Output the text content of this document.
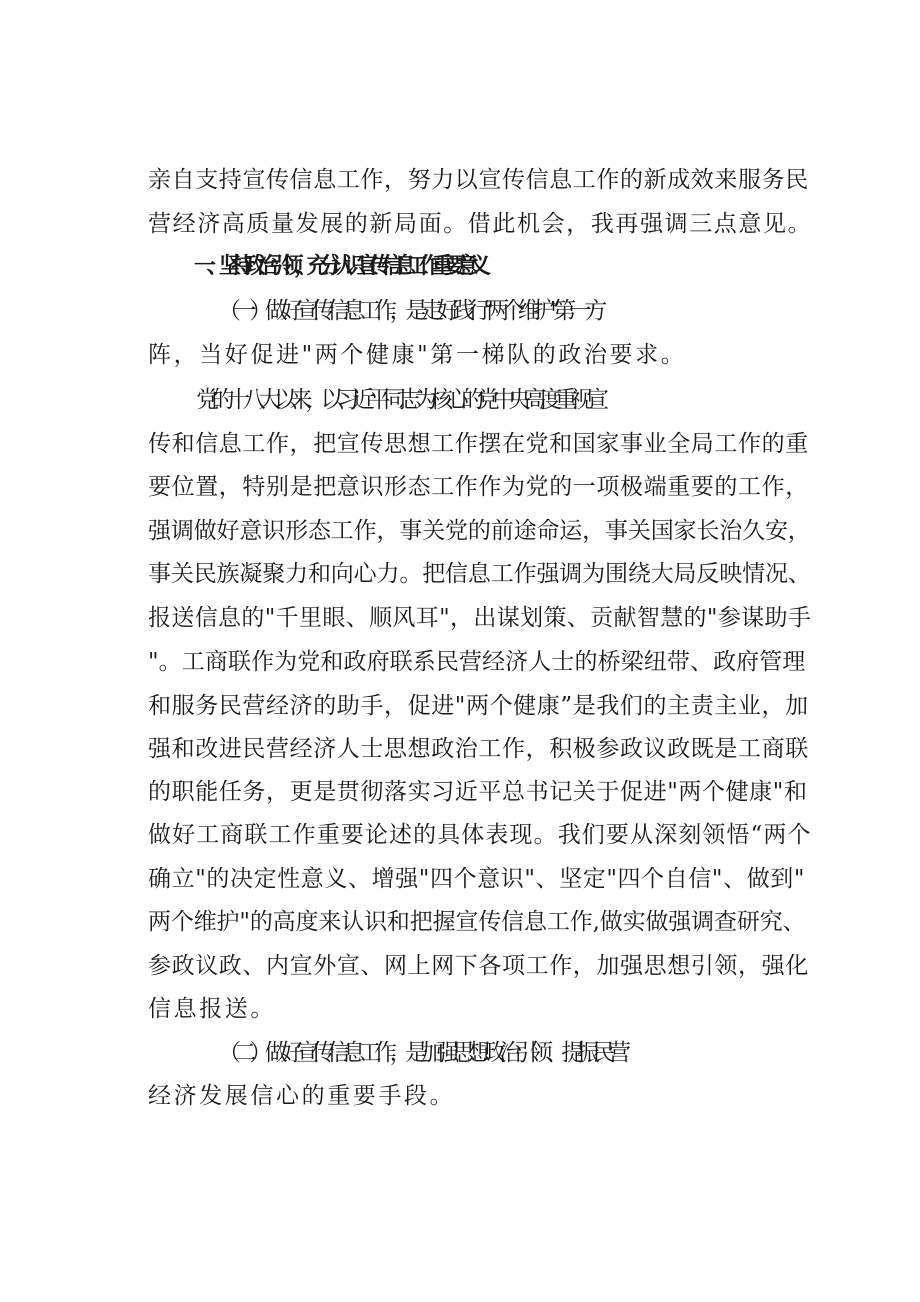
亲自支持宣传信息工作，努力以宣传信息工作的新成效来服务民
营经济高质量发展的新局面。借此机会，我再强调三点意见。
一、坚持政治引领，充分认识宣传信息工作重要意义
（一）做好宣传信息工作，是走好践行"两个维护”第一方
阵，当好促进"两个健康"第一梯队的政治要求。
党的十八大以来，以习近平同志为核心的党中央高度重视宣
传和信息工作，把宣传思想工作摆在党和国家事业全局工作的重
要位置，特别是把意识形态工作作为党的一项极端重要的工作，
强调做好意识形态工作，事关党的前途命运，事关国家长治久安，
事关民族凝聚力和向心力。把信息工作强调为围绕大局反映情况、
报送信息的"千里眼、顺风耳"，出谋划策、贡献智慧的"参谋助手
"。工商联作为党和政府联系民营经济人士的桥梁纽带、政府管理
和服务民营经济的助手，促进"两个健康”是我们的主责主业，加
强和改进民营经济人士思想政治工作，积极参政议政既是工商联
的职能任务，更是贯彻落实习近平总书记关于促进"两个健康"和
做好工商联工作重要论述的具体表现。我们要从深刻领悟“两个
确立"的决定性意义、增强"四个意识"、坚定"四个自信"、做到"
两个维护"的高度来认识和把握宣传信息工作,做实做强调查研究、
参政议政、内宣外宣、网上网下各项工作，加强思想引领，强化
信息报送。
（二）做好宣传信息工作，是加强思想政治引领、提振民营
经济发展信心的重要手段。
